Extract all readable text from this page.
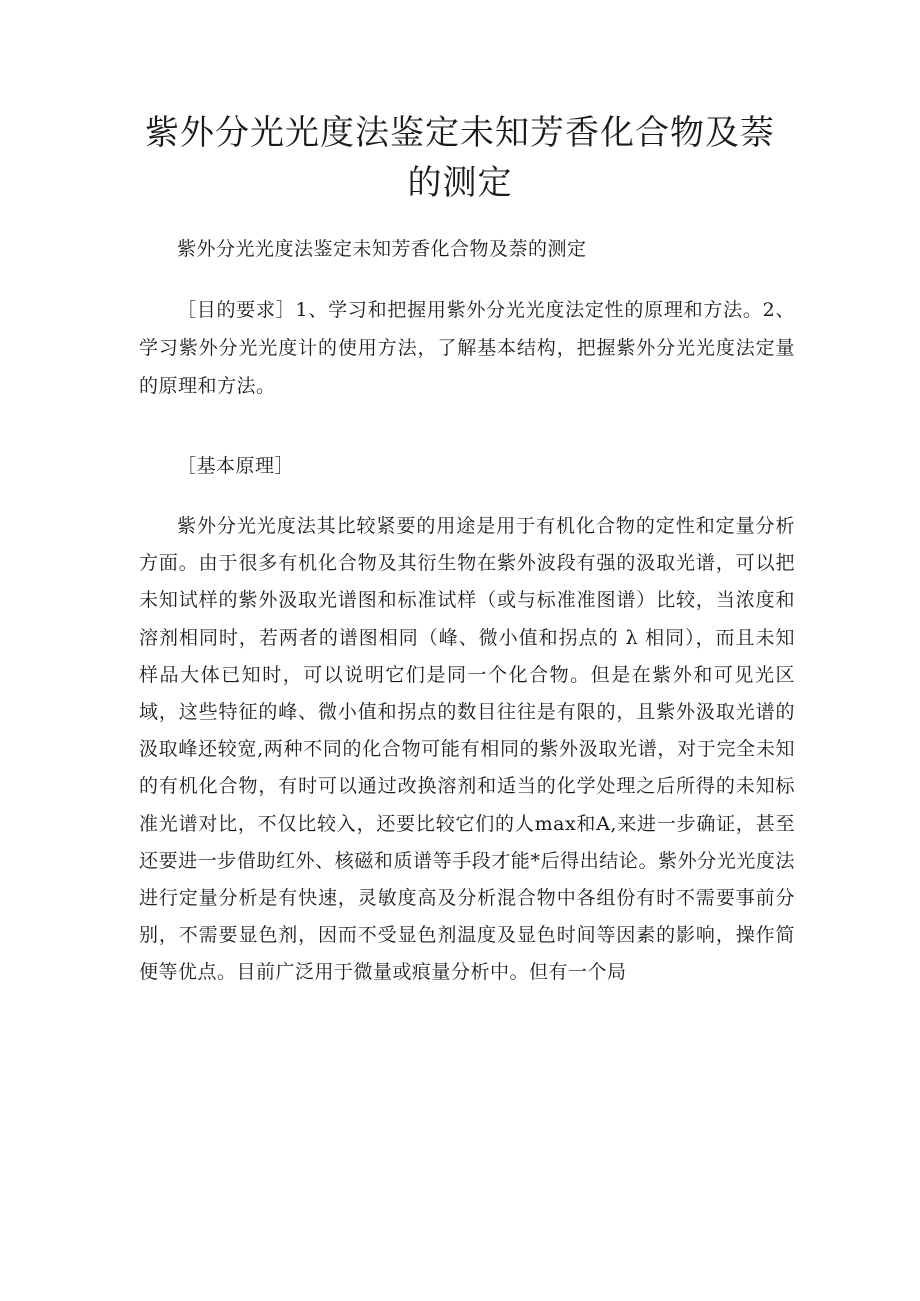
紫外分光光度法鉴定未知芳香化合物及萘的测定

紫外分光光度法鉴定未知芳香化合物及萘的测定

［目的要求］1、学习和把握用紫外分光光度法定性的原理和方法。2、学习紫外分光光度计的使用方法，了解基本结构，把握紫外分光光度法定量的原理和方法。

［基本原理］

紫外分光光度法其比较紧要的用途是用于有机化合物的定性和定量分析方面。由于很多有机化合物及其衍生物在紫外波段有强的汲取光谱，可以把未知试样的紫外汲取光谱图和标准试样（或与标准准图谱）比较，当浓度和溶剂相同时，若两者的谱图相同（峰、微小值和拐点的 λ 相同），而且未知样品大体已知时，可以说明它们是同一个化合物。但是在紫外和可见光区域，这些特征的峰、微小值和拐点的数目往往是有限的，且紫外汲取光谱的汲取峰还较宽,两种不同的化合物可能有相同的紫外汲取光谱，对于完全未知的有机化合物，有时可以通过改换溶剂和适当的化学处理之后所得的未知标准光谱对比，不仅比较入，还要比较它们的人max和A,来进一步确证，甚至还要进一步借助红外、核磁和质谱等手段才能*后得出结论。紫外分光光度法进行定量分析是有快速，灵敏度高及分析混合物中各组份有时不需要事前分别，不需要显色剂，因而不受显色剂温度及显色时间等因素的影响，操作简便等优点。目前广泛用于微量或痕量分析中。但有一个局
